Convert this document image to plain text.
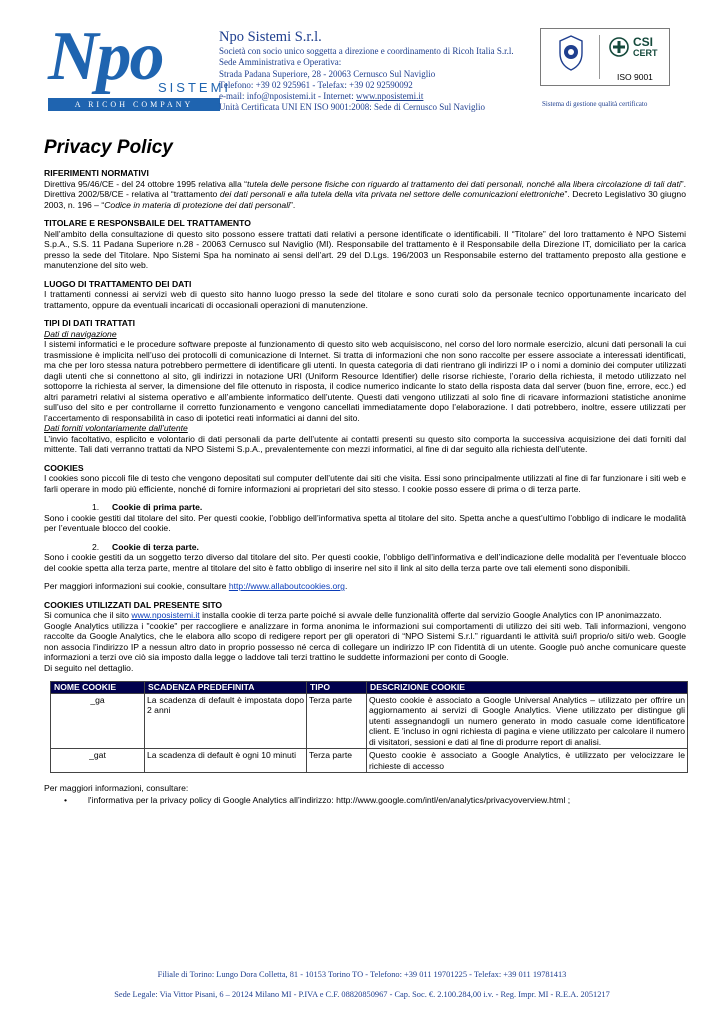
Npo
SISTEMI
A RICOH COMPANY
Npo Sistemi S.r.l.
Società con socio unico soggetta a direzione e coordinamento di Ricoh Italia S.r.l.
Sede Amministrativa e Operativa:
Strada Padana Superiore, 28 - 20063 Cernusco Sul Naviglio
Telefono: +39 02 925961 - Telefax: +39 02 92590092
e-mail: info@nposistemi.it - Internet: www.nposistemi.it
Unità Certificata UNI EN ISO 9001:2008: Sede di Cernusco Sul Naviglio
CSI
CERT
ISO 9001
Sistema di gestione qualità certificato
Privacy Policy
RIFERIMENTI NORMATIVI

Direttiva 95/46/CE - del 24 ottobre 1995 relativa alla “tutela delle persone fisiche con riguardo al trattamento dei dati personali, nonché alla libera circolazione di tali dati”. Direttiva 2002/58/CE - relativa al “trattamento dei dati personali e alla tutela della vita privata nel settore delle comunicazioni elettroniche”. Decreto Legislativo 30 giugno 2003, n. 196 – “Codice in materia di protezione dei dati personali”.

TITOLARE E RESPONSBAILE DEL TRATTAMENTO

Nell’ambito della consultazione di questo sito possono essere trattati dati relativi a persone identificate o identificabili. Il “Titolare” del loro trattamento è NPO Sistemi S.p.A., S.S. 11 Padana Superiore n.28 - 20063 Cernusco sul Naviglio (MI). Responsabile del trattamento è il Responsabile della Direzione IT, domiciliato per la carica presso la sede del Titolare. Npo Sistemi Spa ha nominato ai sensi dell’art. 29 del D.Lgs. 196/2003 un Responsabile esterno del trattamento preposto alla gestione e manutenzione del sito web.

LUOGO DI TRATTAMENTO DEI DATI

I trattamenti connessi ai servizi web di questo sito hanno luogo presso la sede del titolare e sono curati solo da personale tecnico opportunamente incaricato del trattamento, oppure da eventuali incaricati di occasionali operazioni di manutenzione.

TIPI DI DATI TRATTATI
Dati di navigazione

I sistemi informatici e le procedure software preposte al funzionamento di questo sito web acquisiscono, nel corso del loro normale esercizio, alcuni dati personali la cui trasmissione è implicita nell’uso dei protocolli di comunicazione di Internet. Si tratta di informazioni che non sono raccolte per essere associate a interessati identificati, ma che per loro stessa natura potrebbero permettere di identificare gli utenti. In questa categoria di dati rientrano gli indirizzi IP o i nomi a dominio dei computer utilizzati dagli utenti che si connettono al sito, gli indirizzi in notazione URI (Uniform Resource Identifier) delle risorse richieste, l’orario della richiesta, il metodo utilizzato nel sottoporre la richiesta al server, la dimensione del file ottenuto in risposta, il codice numerico indicante lo stato della risposta data dal server (buon fine, errore, ecc.) ed altri parametri relativi al sistema operativo e all’ambiente informatico dell’utente. Questi dati vengono utilizzati al solo fine di ricavare informazioni statistiche anonime sull’uso del sito e per controllarne il corretto funzionamento e vengono cancellati immediatamente dopo l’elaborazione. I dati potrebbero, inoltre, essere utilizzati per l’accertamento di responsabilità in caso di ipotetici reati informatici ai danni del sito.

Dati forniti volontariamente dall’utente

L’invio facoltativo, esplicito e volontario di dati personali da parte dell’utente ai contatti presenti su questo sito comporta la successiva acquisizione dei dati forniti dal mittente. Tali dati verranno trattati da NPO Sistemi S.p.A., prevalentemente con mezzi informatici, al fine di dar seguito alla richiesta dell’utente.

COOKIES

I cookies sono piccoli file di testo che vengono depositati sul computer dell’utente dai siti che visita. Essi sono principalmente utilizzati al fine di far funzionare i siti web e farli operare in modo più efficiente, nonché di fornire informazioni ai proprietari del sito stesso. I cookie posso essere di prima o di terza parte.

1. Cookie di prima parte.

Sono i cookie gestiti dal titolare del sito. Per questi cookie, l’obbligo dell’informativa spetta al titolare del sito. Spetta anche a quest’ultimo l’obbligo di indicare le modalità per l’eventuale blocco del cookie.

2. Cookie di terza parte.

Sono i cookie gestiti da un soggetto terzo diverso dal titolare del sito. Per questi cookie, l’obbligo dell’informativa e dell’indicazione delle modalità per l’eventuale blocco del cookie spetta alla terza parte, mentre al titolare del sito è fatto obbligo di inserire nel sito il link al sito della terza parte ove tali elementi sono disponibili.

Per maggiori informazioni sui cookie, consultare http://www.allaboutcookies.org.

COOKIES UTILIZZATI DAL PRESENTE SITO

Si comunica che il sito www.nposistemi.it installa cookie di terza parte poiché si avvale delle funzionalità offerte dal servizio Google Analytics con IP anonimazzato.

Google Analytics utilizza i "cookie" per raccogliere e analizzare in forma anonima le informazioni sui comportamenti di utilizzo dei siti web. Tali informazioni, vengono raccolte da Google Analytics, che le elabora allo scopo di redigere report per gli operatori di “NPO Sistemi S.r.l.” riguardanti le attività sui/l proprio/o siti/o web. Google non associa l'indirizzo IP a nessun altro dato in proprio possesso né cerca di collegare un indirizzo IP con l'identità di un utente. Google può anche comunicare queste informazioni a terzi ove ciò sia imposto dalla legge o laddove tali terzi trattino le suddette informazioni per conto di Google.

Di seguito nel dettaglio.

NOME COOKIE	SCADENZA PREDEFINITA	TIPO	DESCRIZIONE COOKIE
_ga	La scadenza di default è impostata dopo 2 anni	Terza parte	Questo cookie è associato a Google Universal Analytics – utilizzato per offrire un aggiornamento ai servizi di Google Analytics. Viene utilizzato per distingue gli utenti assegnandogli un numero generato in modo casuale come identificatore client. E 'incluso in ogni richiesta di pagina e viene utilizzato per calcolare il numero di visitatori, sessioni e dati al fine di produrre report di analisi.
_gat	La scadenza di default è ogni 10 minuti	Terza parte	Questo cookie è associato a Google Analytics, è utilizzato per velocizzare le richieste di accesso

Per maggiori informazioni, consultare:

•	l'informativa per la privacy policy di Google Analytics all’indirizzo: http://www.google.com/intl/en/analytics/privacyoverview.html ;
Filiale di Torino: Lungo Dora Colletta, 81 - 10153 Torino TO - Telefono: +39 011 19701225 - Telefax: +39 011 19781413
Sede Legale: Via Vittor Pisani, 6 – 20124 Milano MI - P.IVA e C.F. 08820850967 - Cap. Soc. €. 2.100.284,00 i.v. - Reg. Impr. MI - R.E.A. 2051217
